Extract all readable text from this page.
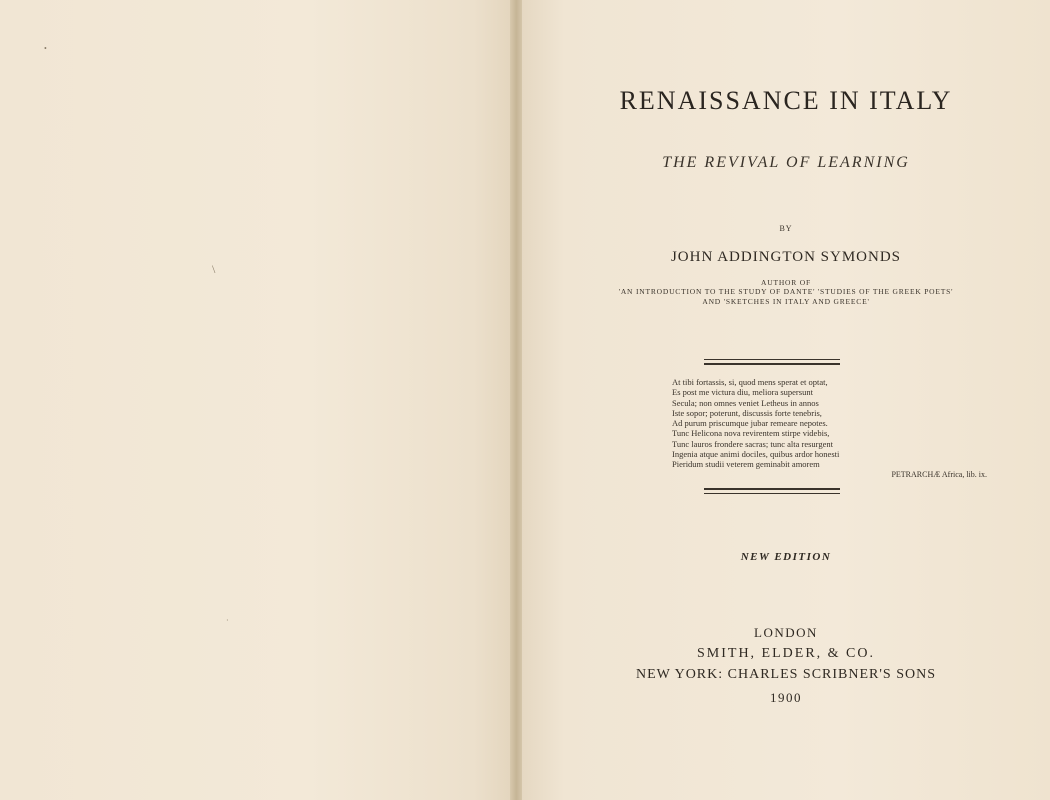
\
•
·
RENAISSANCE IN ITALY
THE REVIVAL OF LEARNING
BY
JOHN ADDINGTON SYMONDS
AUTHOR OF
'AN INTRODUCTION TO THE STUDY OF DANTE' 'STUDIES OF THE GREEK POETS'
AND 'SKETCHES IN ITALY AND GREECE'
At tibi fortassis, si, quod mens sperat et optat,
Es post me victura diu, meliora supersunt
Secula; non omnes veniet Letheus in annos
Iste sopor; poterunt, discussis forte tenebris,
Ad purum priscumque jubar remeare nepotes.
Tunc Helicona nova revirentem stirpe videbis,
Tunc lauros frondere sacras; tunc alta resurgent
Ingenia atque animi dociles, quibus ardor honesti
Pieridum studii veterem geminabit amorem
PETRARCHÆ Africa, lib. ix.
NEW EDITION
LONDON
SMITH, ELDER, & CO.
NEW YORK: CHARLES SCRIBNER'S SONS
1900
